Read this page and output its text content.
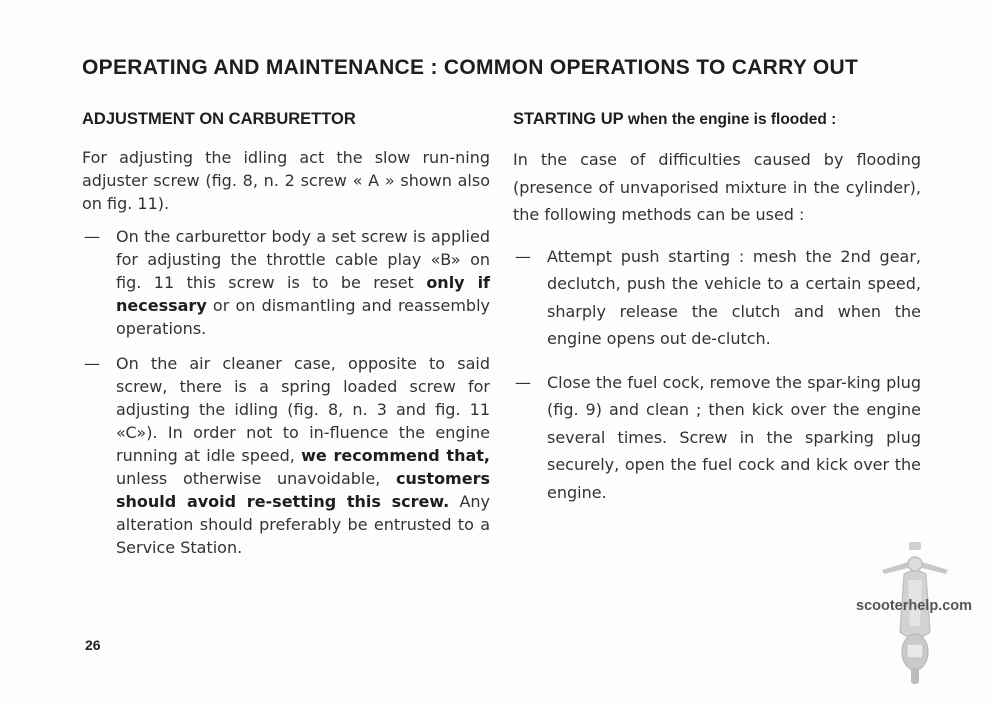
OPERATING AND MAINTENANCE : COMMON OPERATIONS TO CARRY OUT
ADJUSTMENT ON CARBURETTOR

For adjusting the idling act the slow run-ning adjuster screw (fig. 8, n. 2 screw « A » shown also on fig. 11).

— On the carburettor body a set screw is applied for adjusting the throttle cable play «B» on fig. 11 this screw is to be reset only if necessary or on dismantling and reassembly operations.

— On the air cleaner case, opposite to said screw, there is a spring loaded screw for adjusting the idling (fig. 8, n. 3 and fig. 11 «C»). In order not to in-fluence the engine running at idle speed, we recommend that, unless otherwise unavoidable, customers should avoid re-setting this screw. Any alteration should preferably be entrusted to a Service Station.

STARTING UP when the engine is flooded :

In the case of difficulties caused by flooding (presence of unvaporised mixture in the cylinder), the following methods can be used :

— Attempt push starting : mesh the 2nd gear, declutch, push the vehicle to a certain speed, sharply release the clutch and when the engine opens out de-clutch.

— Close the fuel cock, remove the spar-king plug (fig. 9) and clean ; then kick over the engine several times. Screw in the sparking plug securely, open the fuel cock and kick over the engine.

26
scooterhelp.com
